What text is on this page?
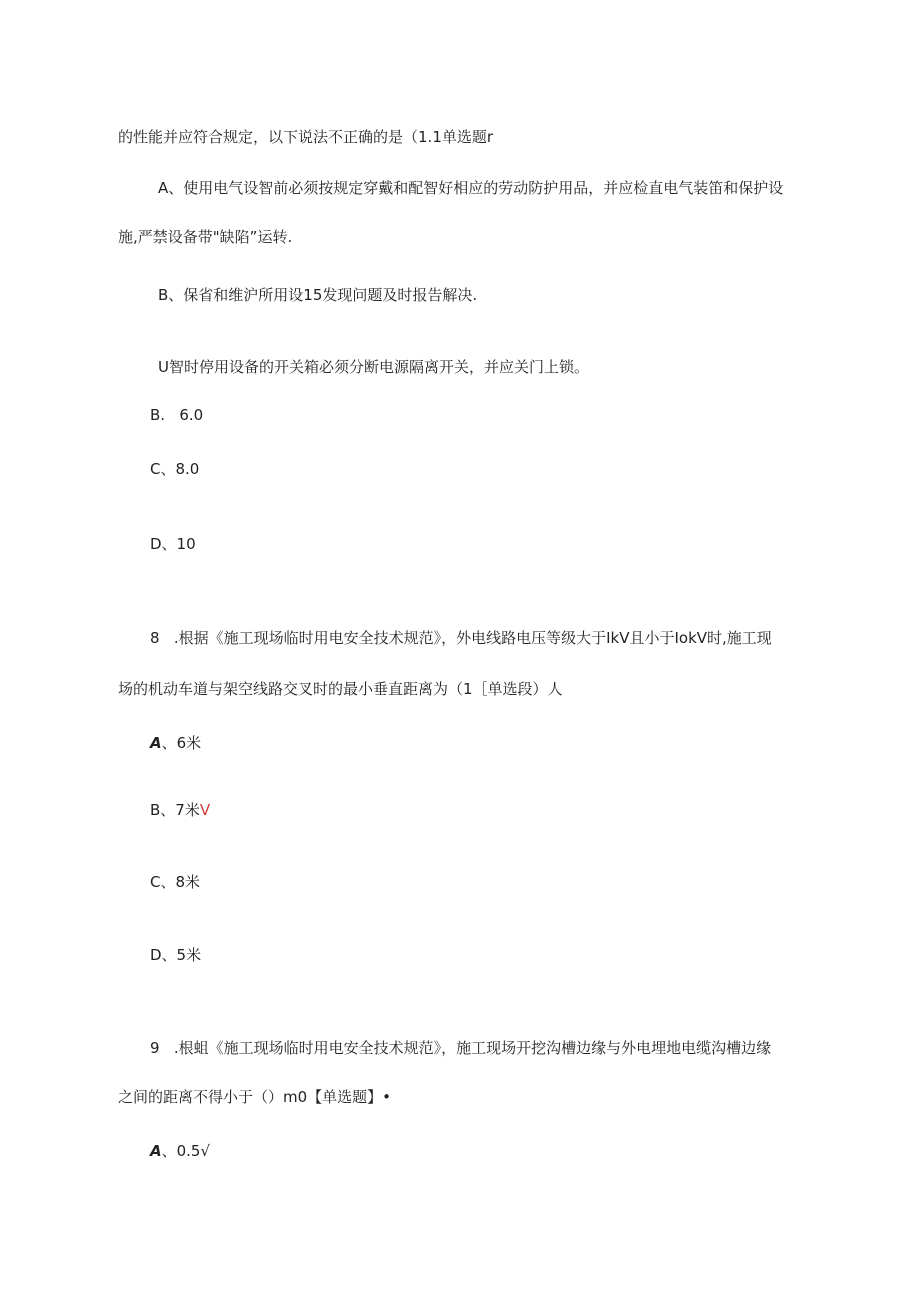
的性能并应符合规定，以下说法不正确的是（1.1单选题r
A、使用电气设智前必须按规定穿戴和配智好相应的劳动防护用品，并应检直电气装笛和保护设
施,严禁设备带"缺陷”运转.
B、保省和维沪所用设15发现问题及时报告解决.
U智时停用设备的开关箱必须分断电源隔离开关，并应关门上锁。
B.   6.0
C、8.0
D、10
8   .根据《施工现场临时用电安全技术规范》，外电线路电压等级大于IkV且小于IokV时,施工现
场的机动车道与架空线路交叉时的最小垂直距离为（1［单选段）人
A、6米
B、7米V
C、8米
D、5米
9   .根蛆《施工现场临时用电安全技术规范》，施工现场开挖沟槽边缘与外电埋地电缆沟槽边缘
之间的距离不得小于（）m0【单选题】•
A、0.5√
